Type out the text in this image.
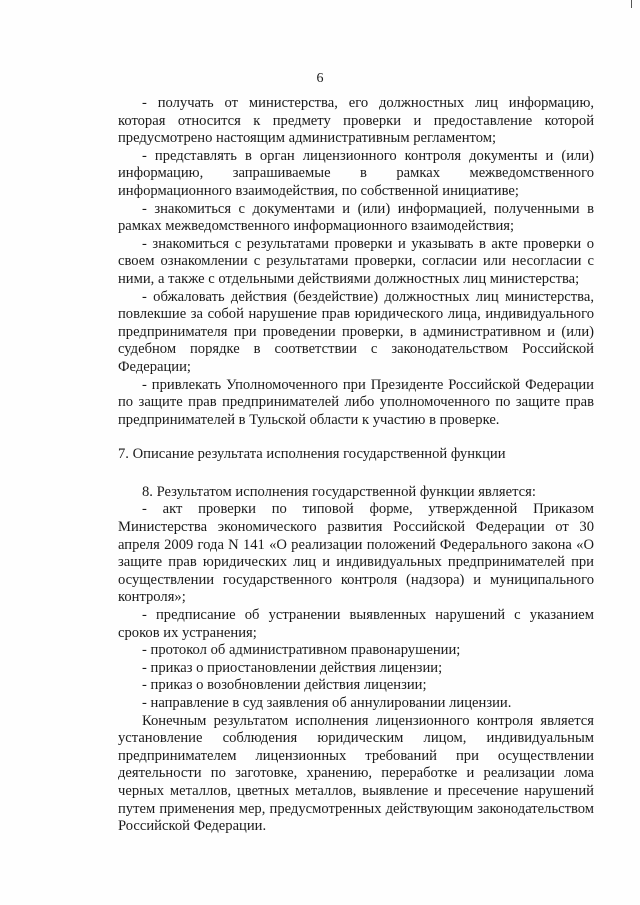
6

- получать от министерства, его должностных лиц информацию, которая относится к предмету проверки и предоставление которой предусмотрено настоящим административным регламентом;

- представлять в орган лицензионного контроля документы и (или) информацию, запрашиваемые в рамках межведомственного информационного взаимодействия, по собственной инициативе;

- знакомиться с документами и (или) информацией, полученными в рамках межведомственного информационного взаимодействия;

- знакомиться с результатами проверки и указывать в акте проверки о своем ознакомлении с результатами проверки, согласии или несогласии с ними, а также с отдельными действиями должностных лиц министерства;

- обжаловать действия (бездействие) должностных лиц министерства, повлекшие за собой нарушение прав юридического лица, индивидуального предпринимателя при проведении проверки, в административном и (или) судебном порядке в соответствии с законодательством Российской Федерации;

- привлекать Уполномоченного при Президенте Российской Федерации по защите прав предпринимателей либо уполномоченного по защите прав предпринимателей в Тульской области к участию в проверке.

7. Описание результата исполнения государственной функции

8. Результатом исполнения государственной функции является:

- акт проверки по типовой форме, утвержденной Приказом Министерства экономического развития Российской Федерации от 30 апреля 2009 года N 141 «О реализации положений Федерального закона «О защите прав юридических лиц и индивидуальных предпринимателей при осуществлении государственного контроля (надзора) и муниципального контроля»;

- предписание об устранении выявленных нарушений с указанием сроков их устранения;

- протокол об административном правонарушении;

- приказ о приостановлении действия лицензии;

- приказ о возобновлении действия лицензии;

- направление в суд заявления об аннулировании лицензии.

Конечным результатом исполнения лицензионного контроля является установление соблюдения юридическим лицом, индивидуальным предпринимателем лицензионных требований при осуществлении деятельности по заготовке, хранению, переработке и реализации лома черных металлов, цветных металлов, выявление и пресечение нарушений путем применения мер, предусмотренных действующим законодательством Российской Федерации.
